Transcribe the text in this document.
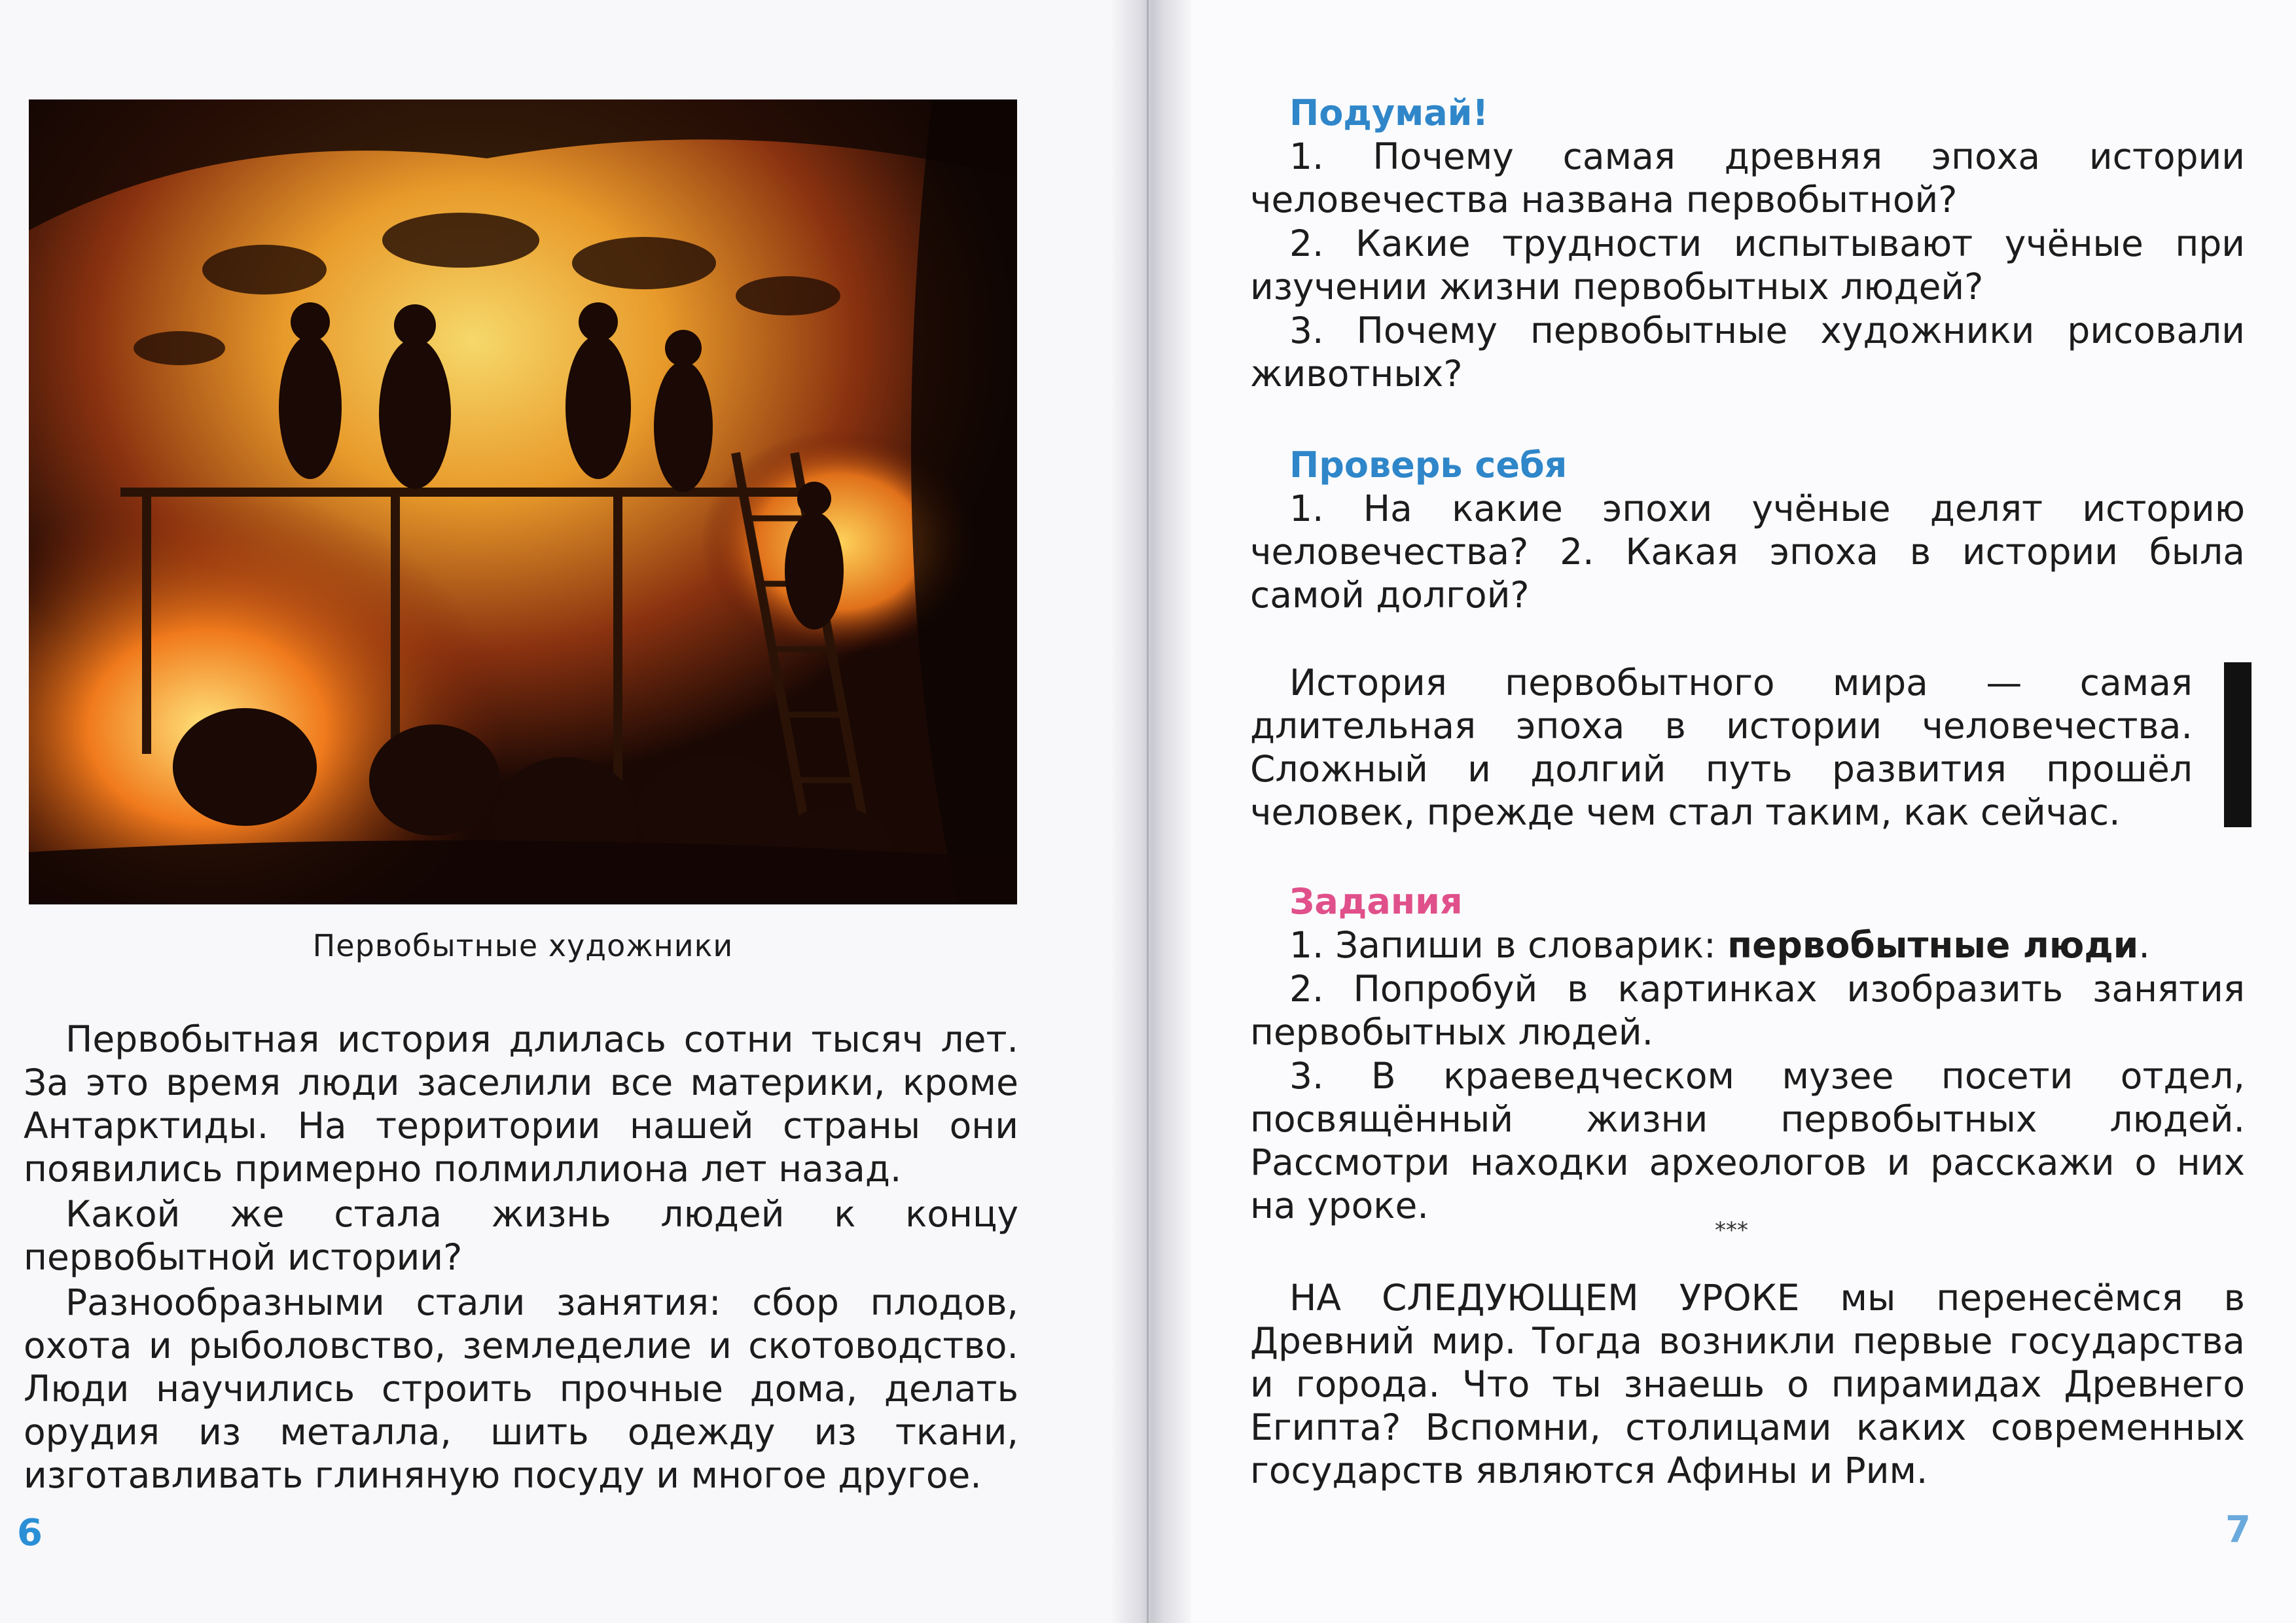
Первобытные художники

Первобытная история длилась сотни тысяч лет. За это время люди заселили все материки, кроме Антарктиды. На территории нашей страны они появились примерно полмиллиона лет назад.

Какой же стала жизнь людей к концу первобытной истории?

Разнообразными стали занятия: сбор плодов, охота и рыболовство, земледелие и скотоводство. Люди научились строить прочные дома, делать орудия из металла, шить одежду из ткани, изготавливать глиняную посуду и многое другое.

6
Подумай!

1. Почему самая древняя эпоха истории человечества названа первобытной?

2. Какие трудности испытывают учёные при изучении жизни первобытных людей?

3. Почему первобытные художники рисовали животных?

Проверь себя

1. На какие эпохи учёные делят историю человечества? 2. Какая эпоха в истории была самой долгой?

История первобытного мира — самая длительная эпоха в истории человечества. Сложный и долгий путь развития прошёл человек, прежде чем стал таким, как сейчас.

Задания

1. Запиши в словарик: первобытные люди.

2. Попробуй в картинках изобразить занятия первобытных людей.

3. В краеведческом музее посети отдел, посвящённый жизни первобытных людей. Рассмотри находки археологов и расскажи о них на уроке.

***

НА СЛЕДУЮЩЕМ УРОКЕ мы перенесёмся в Древний мир. Тогда возникли первые государства и города. Что ты знаешь о пирамидах Древнего Египта? Вспомни, столицами каких современных государств являются Афины и Рим.

7
